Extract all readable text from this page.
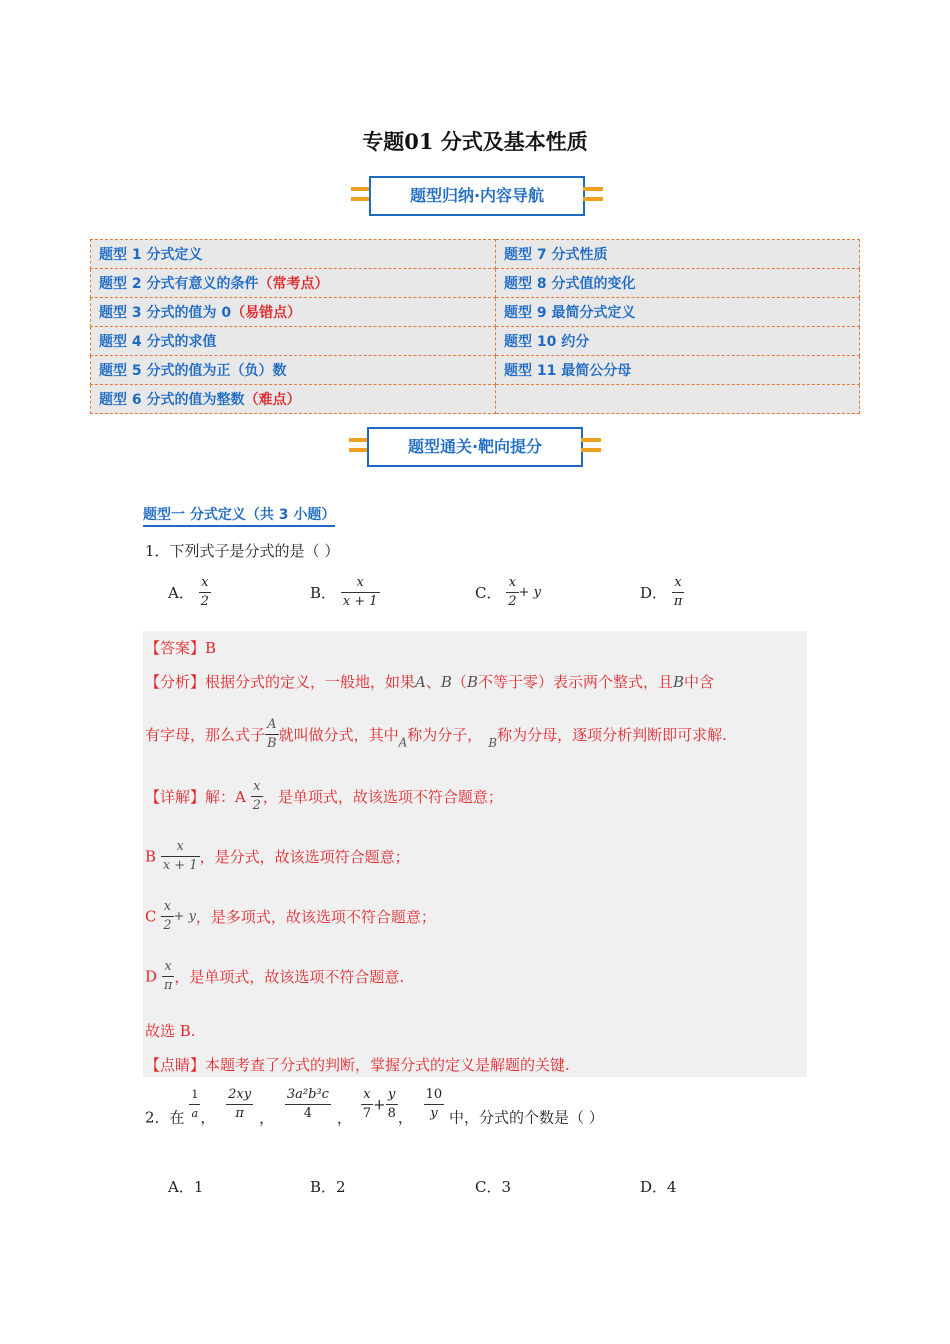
专题01 分式及基本性质
题型归纳·内容导航
题型 1 分式定义	题型 7 分式性质
题型 2 分式有意义的条件（常考点）	题型 8 分式值的变化
题型 3 分式的值为 0（易错点）	题型 9 最简分式定义
题型 4 分式的求值	题型 10 约分
题型 5 分式的值为正（负）数	题型 11 最简公分母
题型 6 分式的值为整数（难点）	
题型通关·靶向提分
题型一 分式定义（共 3 小题）
1．下列式子是分式的是（ ）
A． $\frac{x}{2}$	B． $\frac{x}{x + 1}$	C． $\frac{x}{2} + y$	D． $\frac{x}{\pi}$
【答案】B
【分析】根据分式的定义，一般地，如果A、B（B不等于零）表示两个整式，且B中含
有字母，那么式子 $\frac{A}{B}$ 就叫做分式，其中$_A$称为分子， $_B$称为分母，逐项分析判断即可求解.
【详解】解：A $\frac{x}{2}$ ，是单项式，故该选项不符合题意；
B $\frac{x}{x + 1}$ ，是分式，故该选项符合题意；
C $\frac{x}{2} + y$，是多项式，故该选项不符合题意；
D $\frac{x}{\pi}$ ，是单项式，故该选项不符合题意.
故选 B.
【点睛】本题考查了分式的判断，掌握分式的定义是解题的关键.
2．在 $\frac{1}{a}$ ， $\frac{2xy}{\pi}$ ， $\frac{\text{3a²b³c}}{4}$ ， $\frac{x}{7} + \frac{y}{8}$ ， $\frac{10}{y}$ 中，分式的个数是（ ）
A．1	B．2	C．3	D．4
